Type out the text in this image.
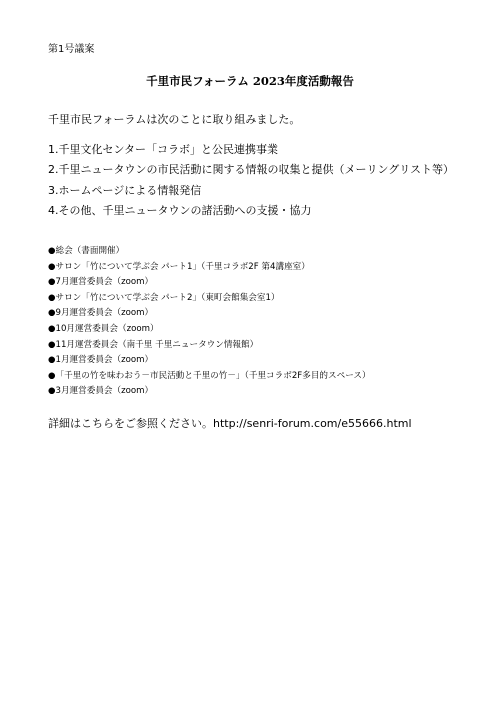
第1号議案
千里市民フォーラム 2023年度活動報告
千里市民フォーラムは次のことに取り組みました。
1.千里文化センター「コラボ」と公民連携事業
2.千里ニュータウンの市民活動に関する情報の収集と提供（メーリングリスト等）
3.ホームページによる情報発信
4.その他、千里ニュータウンの諸活動への支援・協力
●総会（書面開催）
●サロン「竹について学ぶ会 パート1」（千里コラボ2F 第4講座室）
●7月運営委員会（zoom）
●サロン「竹について学ぶ会 パート2」（東町会館集会室1）
●9月運営委員会（zoom）
●10月運営委員会（zoom）
●11月運営委員会（南千里 千里ニュータウン情報館）
●1月運営委員会（zoom）
●「千里の竹を味わおう－市民活動と千里の竹－」（千里コラボ2F多目的スペース）
●3月運営委員会（zoom）
詳細はこちらをご参照ください。http://senri-forum.com/e55666.html
